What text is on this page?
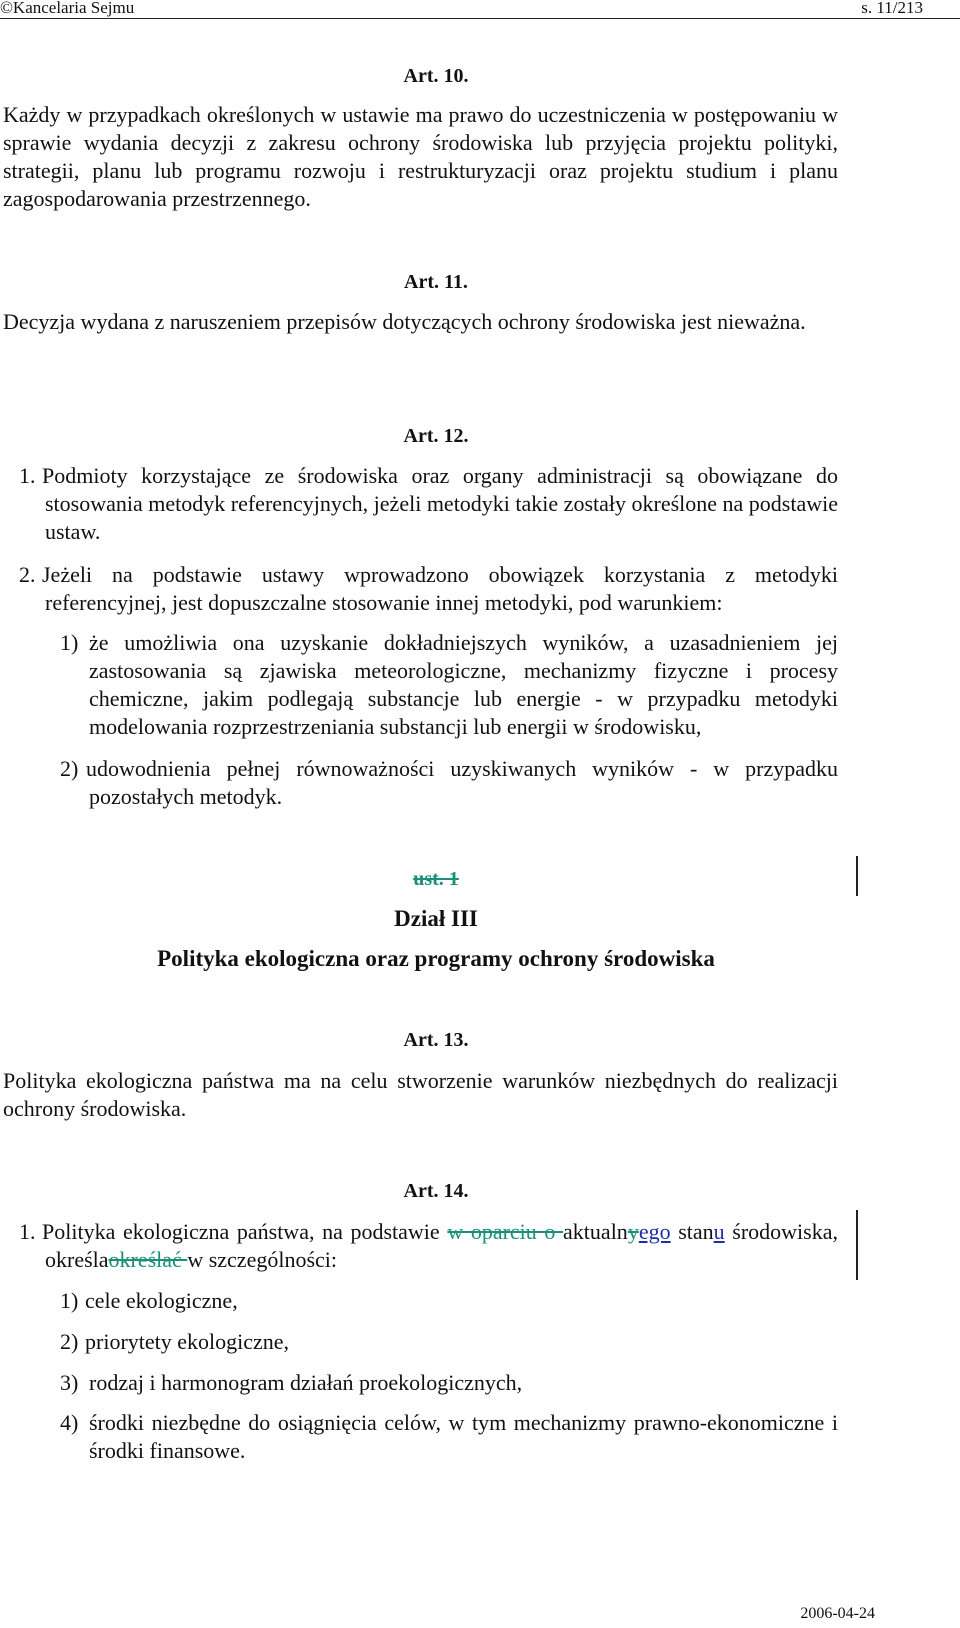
©Kancelaria Sejmu	s. 11/213
Art. 10.
Każdy w przypadkach określonych w ustawie ma prawo do uczestniczenia w postępowaniu w sprawie wydania decyzji z zakresu ochrony środowiska lub przyjęcia projektu polityki, strategii, planu lub programu rozwoju i restrukturyzacji oraz projektu studium i planu zagospodarowania przestrzennego.
Art. 11.
Decyzja wydana z naruszeniem przepisów dotyczących ochrony środowiska jest nieważna.
Art. 12.
1. Podmioty korzystające ze środowiska oraz organy administracji są obowiązane do stosowania metodyk referencyjnych, jeżeli metodyki takie zostały określone na podstawie ustaw.
2. Jeżeli na podstawie ustawy wprowadzono obowiązek korzystania z metodyki referencyjnej, jest dopuszczalne stosowanie innej metodyki, pod warunkiem:
1) że umożliwia ona uzyskanie dokładniejszych wyników, a uzasadnieniem jej zastosowania są zjawiska meteorologiczne, mechanizmy fizyczne i procesy chemiczne, jakim podlegają substancje lub energie - w przypadku metodyki modelowania rozprzestrzeniania substancji lub energii w środowisku,
2) udowodnienia pełnej równoważności uzyskiwanych wyników - w przypadku pozostałych metodyk.
ust. 1
Dział III
Polityka ekologiczna oraz programy ochrony środowiska
Art. 13.
Polityka ekologiczna państwa ma na celu stworzenie warunków niezbędnych do realizacji ochrony środowiska.
Art. 14.
1. Polityka ekologiczna państwa, na podstawie w oparciu o aktualnyego stanu środowiska, określaokreślać w szczególności:
1) cele ekologiczne,
2) priorytety ekologiczne,
3) rodzaj i harmonogram działań proekologicznych,
4) środki niezbędne do osiągnięcia celów, w tym mechanizmy prawno-ekonomiczne i środki finansowe.
2006-04-24
